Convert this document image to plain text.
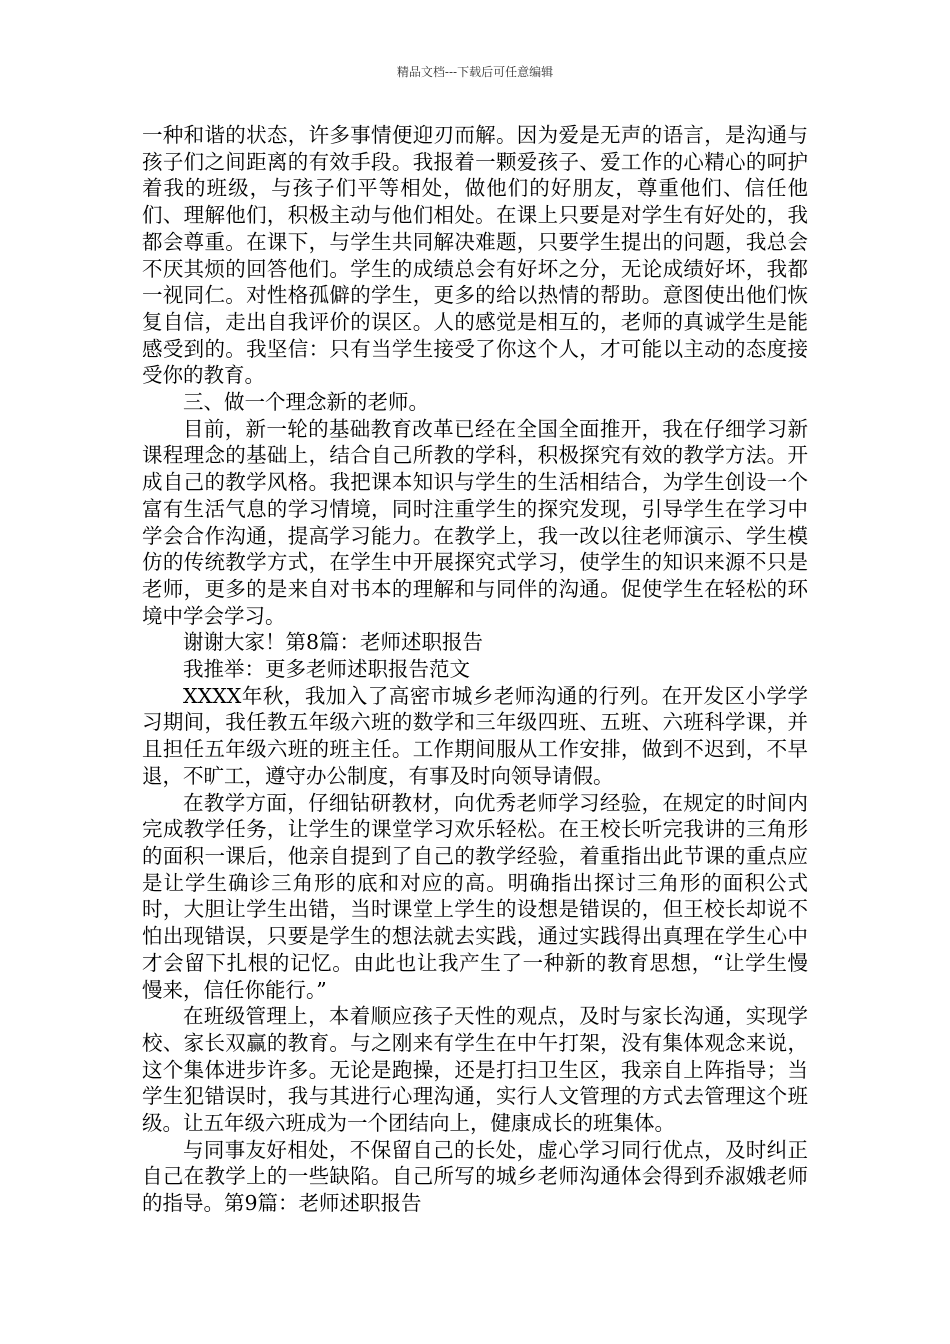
精品文档---下载后可任意编辑

一种和谐的状态，许多事情便迎刃而解。因为爱是无声的语言，是沟通与孩子们之间距离的有效手段。我报着一颗爱孩子、爱工作的心精心的呵护着我的班级，与孩子们平等相处，做他们的好朋友，尊重他们、信任他们、理解他们，积极主动与他们相处。在课上只要是对学生有好处的，我都会尊重。在课下，与学生共同解决难题，只要学生提出的问题，我总会不厌其烦的回答他们。学生的成绩总会有好坏之分，无论成绩好坏，我都一视同仁。对性格孤僻的学生，更多的给以热情的帮助。意图使出他们恢复自信，走出自我评价的误区。人的感觉是相互的，老师的真诚学生是能感受到的。我坚信：只有当学生接受了你这个人，才可能以主动的态度接受你的教育。

三、做一个理念新的老师。

目前，新一轮的基础教育改革已经在全国全面推开，我在仔细学习新课程理念的基础上，结合自己所教的学科，积极探究有效的教学方法。开成自己的教学风格。我把课本知识与学生的生活相结合，为学生创设一个富有生活气息的学习情境，同时注重学生的探究发现，引导学生在学习中学会合作沟通，提高学习能力。在教学上，我一改以往老师演示、学生模仿的传统教学方式，在学生中开展探究式学习，使学生的知识来源不只是老师，更多的是来自对书本的理解和与同伴的沟通。促使学生在轻松的环境中学会学习。

谢谢大家！第8篇：老师述职报告

我推举：更多老师述职报告范文

XXXX年秋，我加入了高密市城乡老师沟通的行列。在开发区小学学习期间，我任教五年级六班的数学和三年级四班、五班、六班科学课，并且担任五年级六班的班主任。工作期间服从工作安排，做到不迟到，不早退，不旷工，遵守办公制度，有事及时向领导请假。

在教学方面，仔细钻研教材，向优秀老师学习经验，在规定的时间内完成教学任务，让学生的课堂学习欢乐轻松。在王校长听完我讲的三角形的面积一课后，他亲自提到了自己的教学经验，着重指出此节课的重点应是让学生确诊三角形的底和对应的高。明确指出探讨三角形的面积公式时，大胆让学生出错，当时课堂上学生的设想是错误的，但王校长却说不怕出现错误，只要是学生的想法就去实践，通过实践得出真理在学生心中才会留下扎根的记忆。由此也让我产生了一种新的教育思想，“让学生慢慢来，信任你能行。”

在班级管理上，本着顺应孩子天性的观点，及时与家长沟通，实现学校、家长双赢的教育。与之刚来有学生在中午打架，没有集体观念来说，这个集体进步许多。无论是跑操，还是打扫卫生区，我亲自上阵指导；当学生犯错误时，我与其进行心理沟通，实行人文管理的方式去管理这个班级。让五年级六班成为一个团结向上，健康成长的班集体。

与同事友好相处，不保留自己的长处，虚心学习同行优点，及时纠正自己在教学上的一些缺陷。自己所写的城乡老师沟通体会得到乔淑娥老师的指导。第9篇：老师述职报告
